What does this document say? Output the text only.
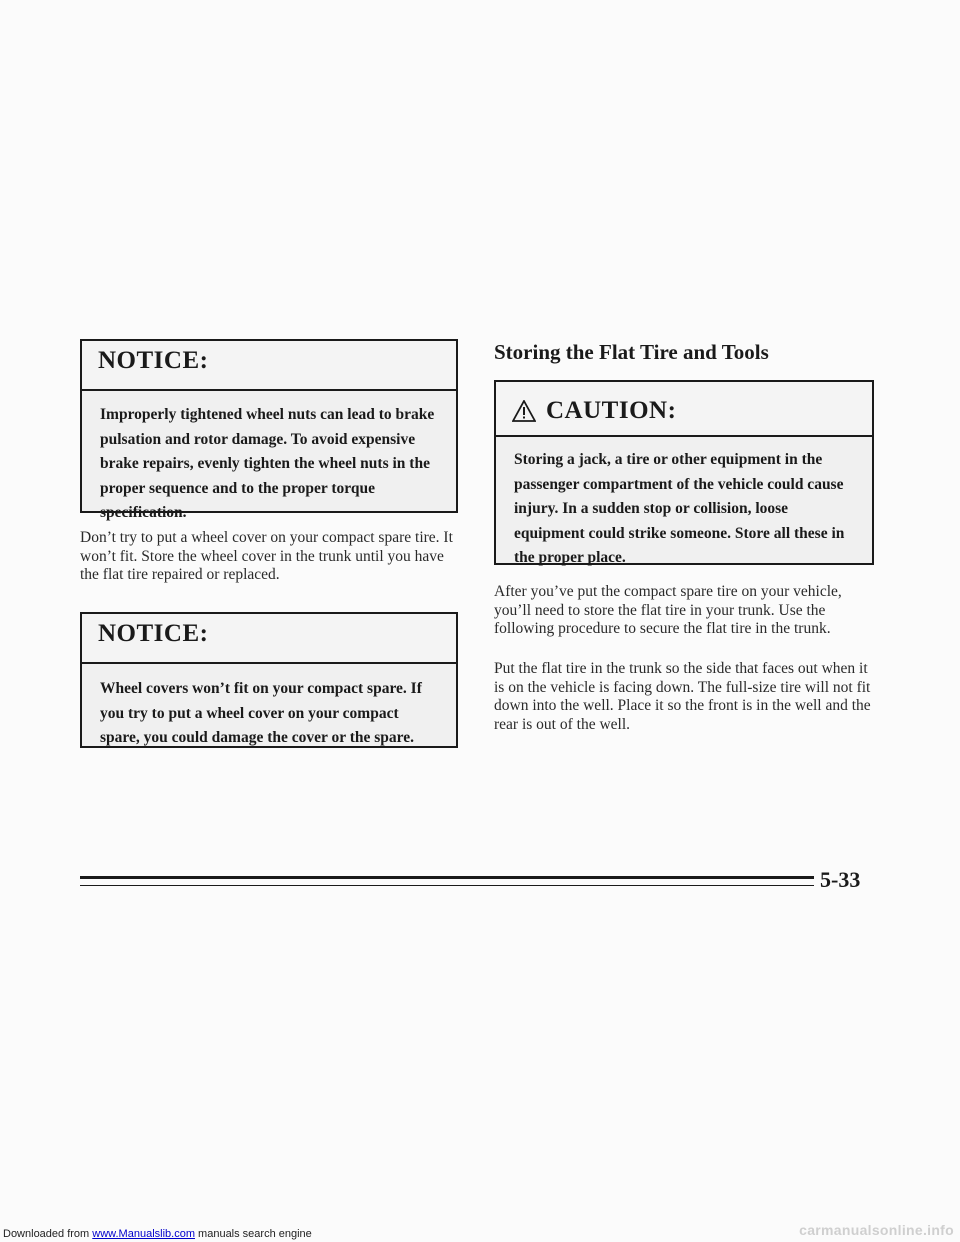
NOTICE:
Improperly tightened wheel nuts can lead to brake pulsation and rotor damage. To avoid expensive brake repairs, evenly tighten the wheel nuts in the proper sequence and to the proper torque specification.
Don’t try to put a wheel cover on your compact spare tire. It won’t fit. Store the wheel cover in the trunk until you have the flat tire repaired or replaced.
NOTICE:
Wheel covers won’t fit on your compact spare. If you try to put a wheel cover on your compact spare, you could damage the cover or the spare.
Storing the Flat Tire and Tools
CAUTION:
Storing a jack, a tire or other equipment in the passenger compartment of the vehicle could cause injury. In a sudden stop or collision, loose equipment could strike someone. Store all these in the proper place.
After you’ve put the compact spare tire on your vehicle, you’ll need to store the flat tire in your trunk. Use the following procedure to secure the flat tire in the trunk.
Put the flat tire in the trunk so the side that faces out when it is on the vehicle is facing down. The full-size tire will not fit down into the well. Place it so the front is in the well and the rear is out of the well.
5-33
Downloaded from www.Manualslib.com manuals search engine	carmanualsonline.info
